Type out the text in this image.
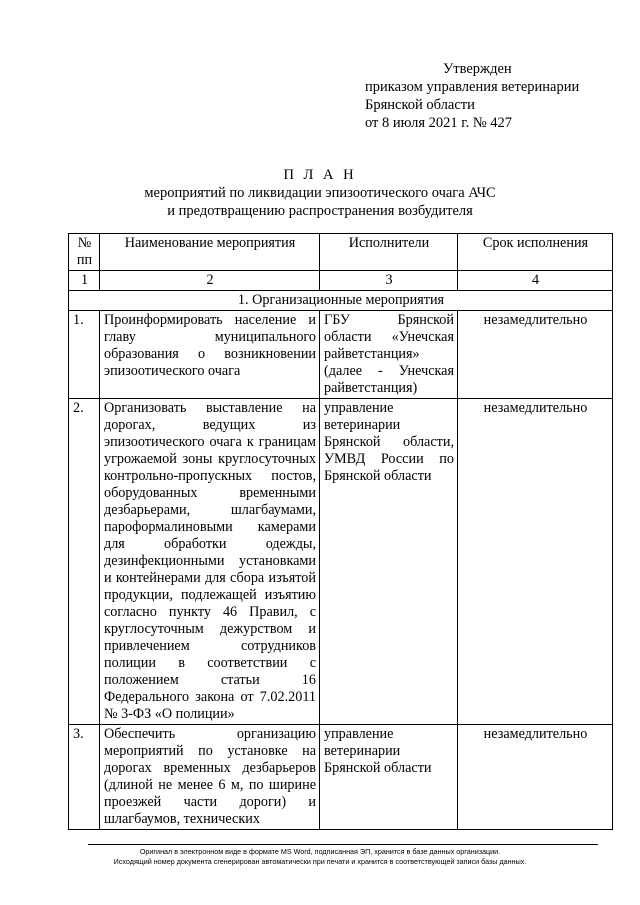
Утвержден
приказом управления ветеринарии
Брянской области
от 8 июля 2021 г. № 427
П Л А Н
мероприятий по ликвидации эпизоотического очага АЧС
и предотвращению распространения возбудителя
№ пп	Наименование мероприятия	Исполнители	Срок исполнения
1	2	3	4
1. Организационные мероприятия			
1.	Проинформировать население и главу муниципального образования о возникновении эпизоотического очага	ГБУ Брянской области «Унечская райветстанция» (далее - Унечская райветстанция)	незамедлительно
2.	Организовать выставление на дорогах, ведущих из эпизоотического очага к границам угрожаемой зоны круглосуточных контрольно-пропускных постов, оборудованных временными дезбарьерами, шлагбаумами, пароформалиновыми камерами для обработки одежды, дезинфекционными установками и контейнерами для сбора изъятой продукции, подлежащей изъятию согласно пункту 46 Правил, с круглосуточным дежурством и привлечением сотрудников полиции в соответствии с положением статьи 16 Федерального закона от 7.02.2011 № 3-ФЗ «О полиции»	управление ветеринарии Брянской области, УМВД России по Брянской области	незамедлительно
3.	Обеспечить организацию мероприятий по установке на дорогах временных дезбарьеров (длиной не менее 6 м, по ширине проезжей части дороги) и шлагбаумов, технических	управление ветеринарии Брянской области	незамедлительно
Оригинал в электронном виде в формате MS Word, подписанная ЭП, хранится в базе данных организации.
Исходящий номер документа сгенерирован автоматически при печати и хранится в соответствующей записи базы данных.
